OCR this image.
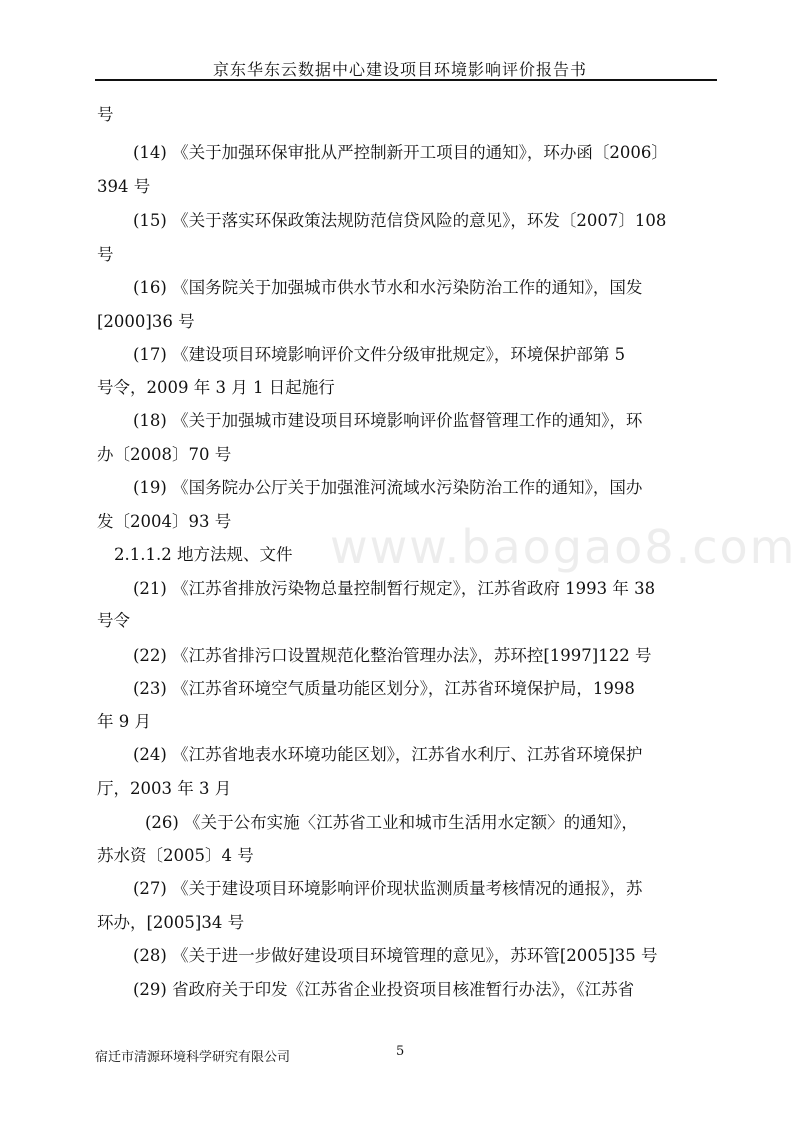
京东华东云数据中心建设项目环境影响评价报告书
www.baogao8.com
号
(14) 《关于加强环保审批从严控制新开工项目的通知》，环办函〔2006〕
394 号
(15) 《关于落实环保政策法规防范信贷风险的意见》，环发〔2007〕108
号
(16) 《国务院关于加强城市供水节水和水污染防治工作的通知》，国发
[2000]36 号
(17) 《建设项目环境影响评价文件分级审批规定》，环境保护部第 5
号令，2009 年 3 月 1 日起施行
(18) 《关于加强城市建设项目环境影响评价监督管理工作的通知》，环
办〔2008〕70 号
(19) 《国务院办公厅关于加强淮河流域水污染防治工作的通知》，国办
发〔2004〕93 号
2.1.1.2 地方法规、文件
(21) 《江苏省排放污染物总量控制暂行规定》，江苏省政府 1993 年 38
号令
(22) 《江苏省排污口设置规范化整治管理办法》，苏环控[1997]122 号
(23) 《江苏省环境空气质量功能区划分》，江苏省环境保护局，1998
年 9 月
(24) 《江苏省地表水环境功能区划》，江苏省水利厅、江苏省环境保护
厅，2003 年 3 月
(26) 《关于公布实施〈江苏省工业和城市生活用水定额〉的通知》，
苏水资〔2005〕4 号
(27) 《关于建设项目环境影响评价现状监测质量考核情况的通报》，苏
环办，[2005]34 号
(28) 《关于进一步做好建设项目环境管理的意见》，苏环管[2005]35 号
(29) 省政府关于印发《江苏省企业投资项目核准暂行办法》，《江苏省
宿迁市清源环境科学研究有限公司	5
